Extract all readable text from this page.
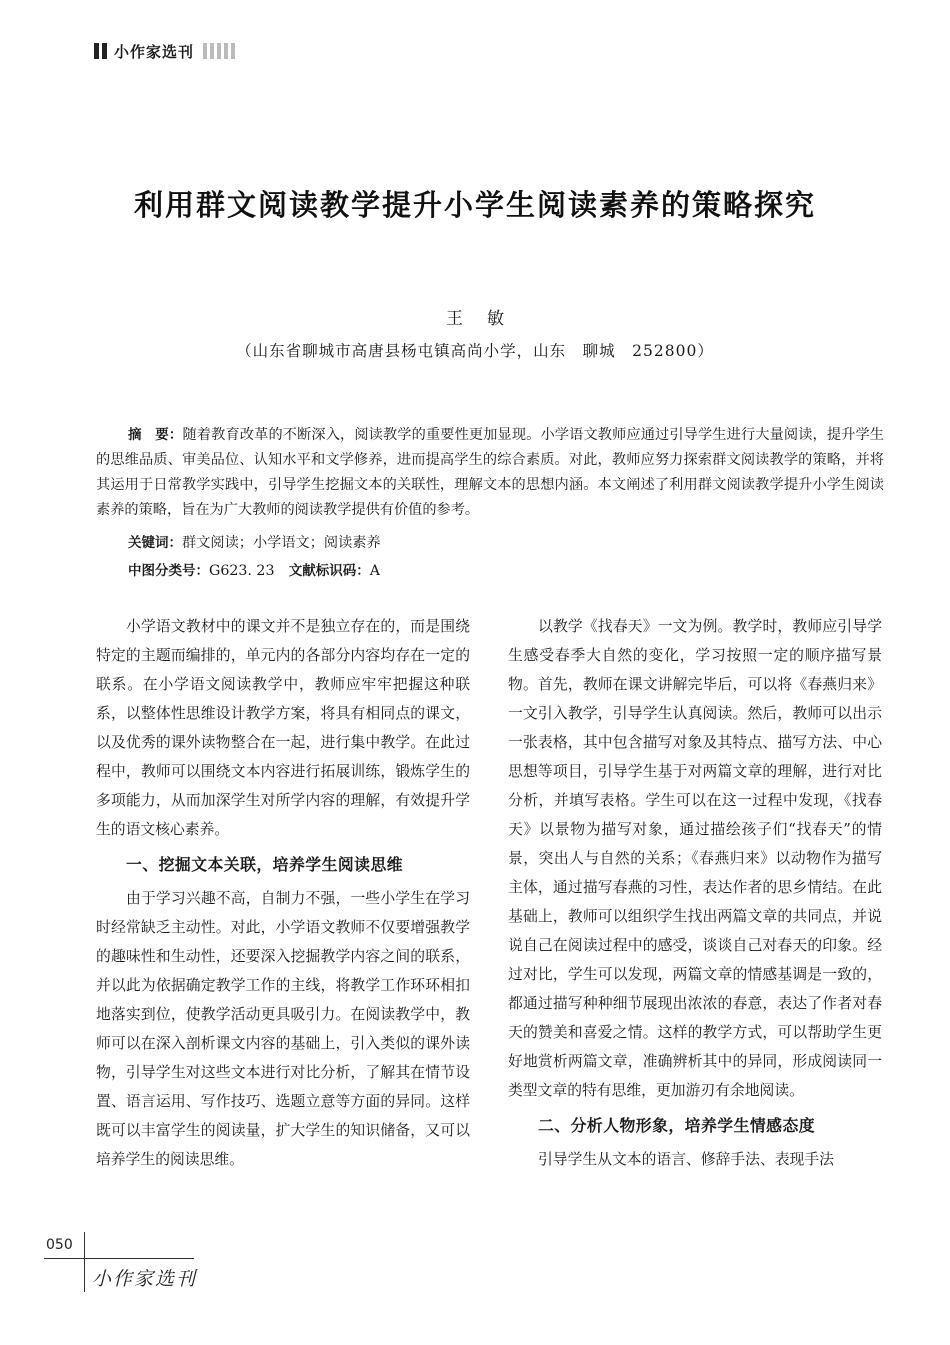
小作家选刊
利用群文阅读教学提升小学生阅读素养的策略探究
王敏
（山东省聊城市高唐县杨屯镇高尚小学，山东　聊城　252800）
摘　要：随着教育改革的不断深入，阅读教学的重要性更加显现。小学语文教师应通过引导学生进行大量阅读，提升学生的思维品质、审美品位、认知水平和文学修养，进而提高学生的综合素质。对此，教师应努力探索群文阅读教学的策略，并将其运用于日常教学实践中，引导学生挖掘文本的关联性，理解文本的思想内涵。本文阐述了利用群文阅读教学提升小学生阅读素养的策略，旨在为广大教师的阅读教学提供有价值的参考。
关键词：群文阅读；小学语文；阅读素养
中图分类号：G623. 23　 文献标识码：A

小学语文教材中的课文并不是独立存在的，而是围绕特定的主题而编排的，单元内的各部分内容均存在一定的联系。在小学语文阅读教学中，教师应牢牢把握这种联系，以整体性思维设计教学方案，将具有相同点的课文，以及优秀的课外读物整合在一起，进行集中教学。在此过程中，教师可以围绕文本内容进行拓展训练，锻炼学生的多项能力，从而加深学生对所学内容的理解，有效提升学生的语文核心素养。

一、挖掘文本关联，培养学生阅读思维

由于学习兴趣不高，自制力不强，一些小学生在学习时经常缺乏主动性。对此，小学语文教师不仅要增强教学的趣味性和生动性，还要深入挖掘教学内容之间的联系，并以此为依据确定教学工作的主线，将教学工作环环相扣地落实到位，使教学活动更具吸引力。在阅读教学中，教师可以在深入剖析课文内容的基础上，引入类似的课外读物，引导学生对这些文本进行对比分析，了解其在情节设置、语言运用、写作技巧、选题立意等方面的异同。这样既可以丰富学生的阅读量，扩大学生的知识储备，又可以培养学生的阅读思维。

以教学《找春天》一文为例。教学时，教师应引导学生感受春季大自然的变化，学习按照一定的顺序描写景物。首先，教师在课文讲解完毕后，可以将《春燕归来》一文引入教学，引导学生认真阅读。然后，教师可以出示一张表格，其中包含描写对象及其特点、描写方法、中心思想等项目，引导学生基于对两篇文章的理解，进行对比分析，并填写表格。学生可以在这一过程中发现，《找春天》以景物为描写对象，通过描绘孩子们“找春天”的情景，突出人与自然的关系；《春燕归来》以动物作为描写主体，通过描写春燕的习性，表达作者的思乡情结。在此基础上，教师可以组织学生找出两篇文章的共同点，并说说自己在阅读过程中的感受，谈谈自己对春天的印象。经过对比，学生可以发现，两篇文章的情感基调是一致的，都通过描写种种细节展现出浓浓的春意，表达了作者对春天的赞美和喜爱之情。这样的教学方式，可以帮助学生更好地赏析两篇文章，准确辨析其中的异同，形成阅读同一类型文章的特有思维，更加游刃有余地阅读。

二、分析人物形象，培养学生情感态度

引导学生从文本的语言、修辞手法、表现手法

050
小作家选刊
